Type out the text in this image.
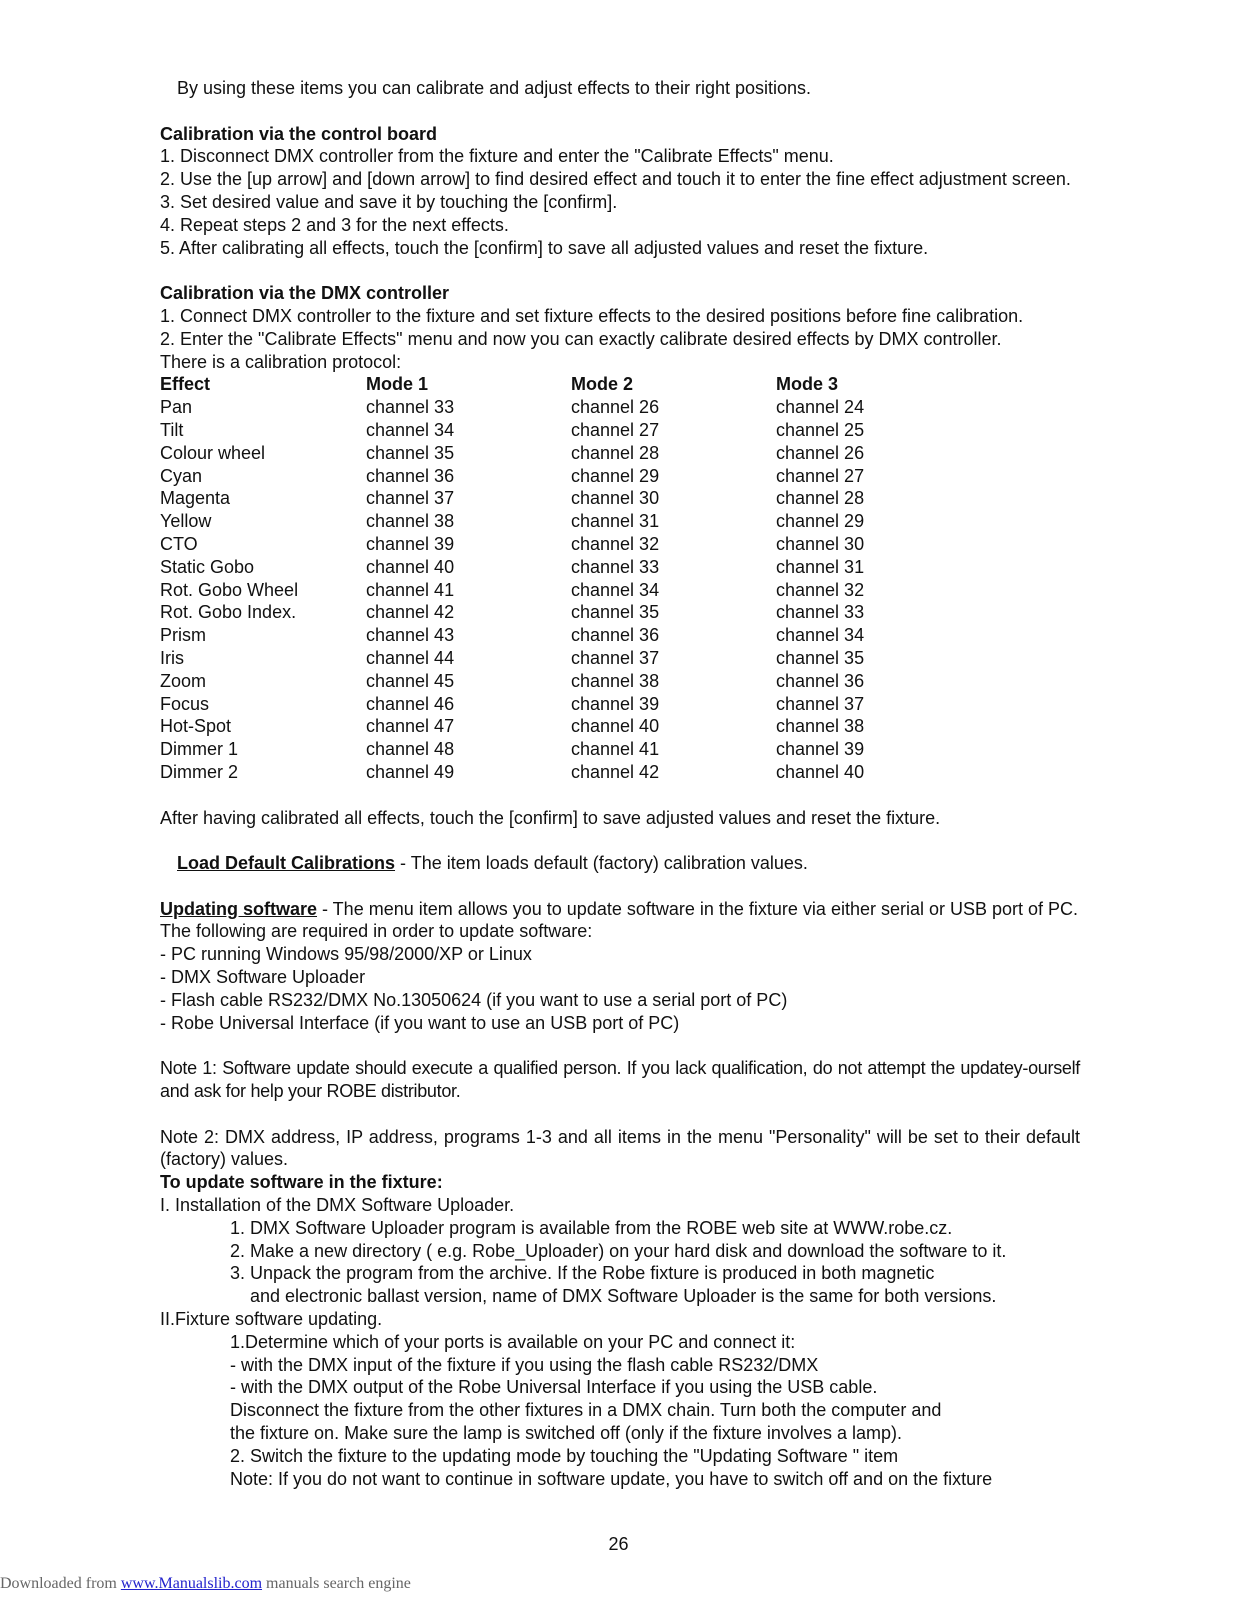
By using these items you can calibrate and adjust effects to their right positions.

Calibration via the control board

1. Disconnect DMX controller from the fixture and enter the "Calibrate Effects" menu.

2. Use the [up arrow] and [down arrow] to find desired effect and touch it to enter the fine effect adjustment screen.

3. Set desired value and save it by touching the [confirm].

4. Repeat steps 2 and 3 for the next effects.

5. After calibrating all effects, touch the [confirm] to save all adjusted values and reset the fixture.

Calibration via the DMX controller

1. Connect DMX controller to the fixture and set fixture effects to the desired positions before fine calibration.

2. Enter the "Calibrate Effects" menu and now you can exactly calibrate desired effects by DMX controller.

There is a calibration protocol:

Effect	Mode 1	Mode 2	Mode 3
Pan	channel 33	channel 26	channel 24
Tilt	channel 34	channel 27	channel 25
Colour wheel	channel 35	channel 28	channel 26
Cyan	channel 36	channel 29	channel 27
Magenta	channel 37	channel 30	channel 28
Yellow	channel 38	channel 31	channel 29
CTO	channel 39	channel 32	channel 30
Static Gobo	channel 40	channel 33	channel 31
Rot. Gobo Wheel	channel 41	channel 34	channel 32
Rot. Gobo Index.	channel 42	channel 35	channel 33
Prism	channel 43	channel 36	channel 34
Iris	channel 44	channel 37	channel 35
Zoom	channel 45	channel 38	channel 36
Focus	channel 46	channel 39	channel 37
Hot-Spot	channel 47	channel 40	channel 38
Dimmer 1	channel 48	channel 41	channel 39
Dimmer 2	channel 49	channel 42	channel 40

After having calibrated all effects, touch the [confirm] to save adjusted values and reset the fixture.

Load Default Calibrations - The item loads default (factory) calibration values.

Updating software - The menu item allows you to update software in the fixture via either serial or USB port of PC.

The following are required in order to update software:

- PC running Windows 95/98/2000/XP or Linux

- DMX Software Uploader

- Flash cable RS232/DMX No.13050624 (if you want to use a serial port of PC)

- Robe Universal Interface (if you want to use an USB port of PC)

Note 1: Software update should execute a qualified person. If you lack qualification, do not attempt the updatey-ourself and ask for help your ROBE distributor.

Note 2: DMX address, IP address, programs 1-3 and all items in the menu "Personality" will be set to their default (factory) values.

To update software in the fixture:

I. Installation of the DMX Software Uploader.

1. DMX Software Uploader program is available from the ROBE web site at WWW.robe.cz.

2. Make a new directory ( e.g. Robe_Uploader) on your hard disk and download the software to it.

3. Unpack the program from the archive. If the Robe fixture is produced in both magnetic

and electronic ballast version, name of DMX Software Uploader is the same for both versions.

II.Fixture software updating.

1.Determine which of your ports is available on your PC and connect it:

- with the DMX input of the fixture if you using the flash cable RS232/DMX

- with the DMX output of the Robe Universal Interface if you using the USB cable.

Disconnect the fixture from the other fixtures in a DMX chain. Turn both the computer and

the fixture on. Make sure the lamp is switched off (only if the fixture involves a lamp).

2. Switch the fixture to the updating mode by touching the "Updating Software " item

Note: If you do not want to continue in software update, you have to switch off and on the fixture

26
Downloaded from www.Manualslib.com manuals search engine
